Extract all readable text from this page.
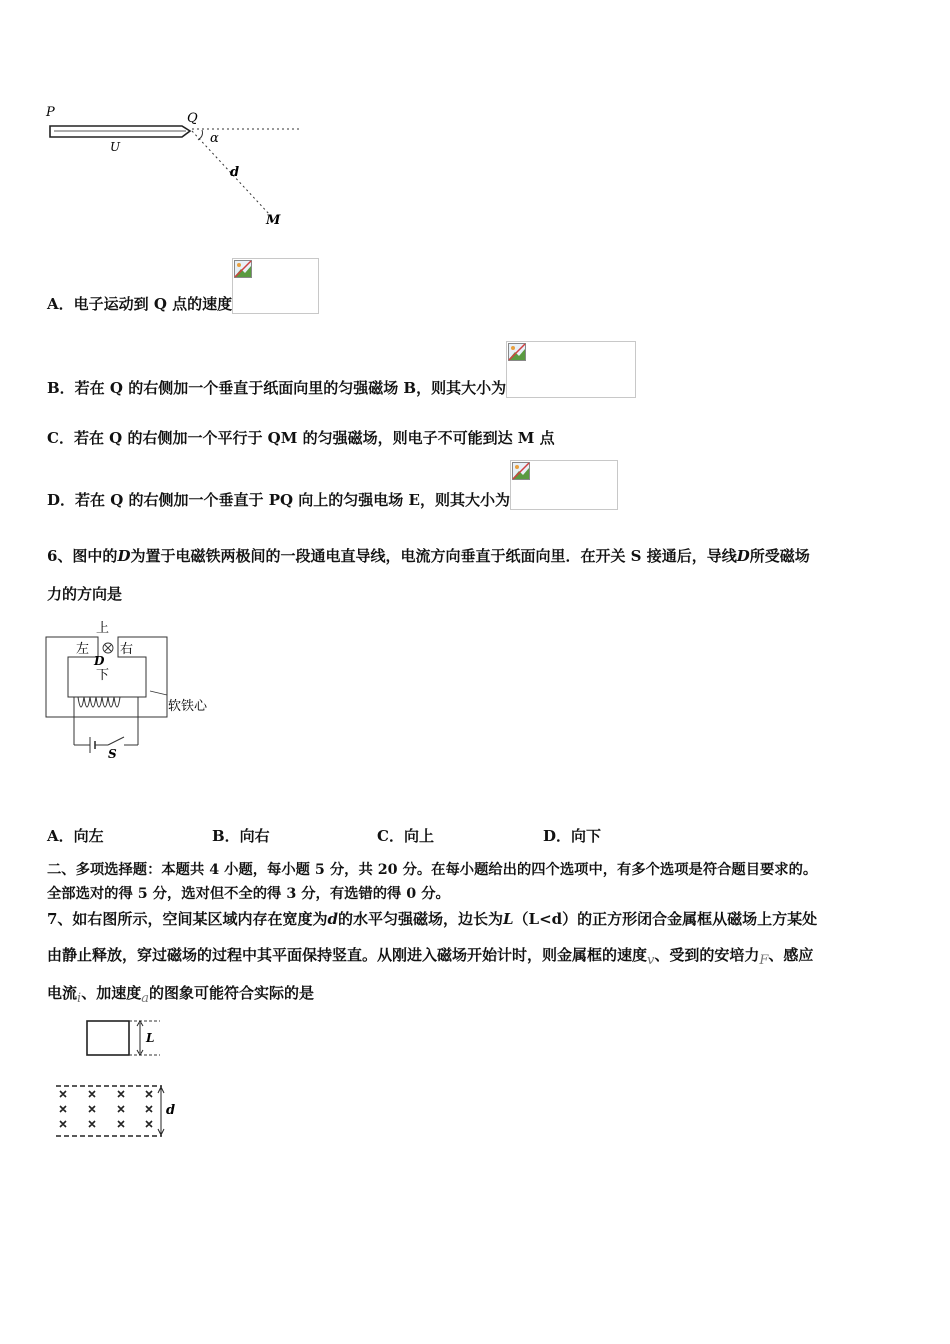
P	Q
U
α
d
M
A．电子运动到 Q 点的速度
B．若在 Q 的右侧加一个垂直于纸面向里的匀强磁场 B，则其大小为
C．若在 Q 的右侧加一个平行于 QM 的匀强磁场，则电子不可能到达 M 点
D．若在 Q 的右侧加一个垂直于 PQ 向上的匀强电场 E，则其大小为
6、图中的D为置于电磁铁两极间的一段通电直导线，电流方向垂直于纸面向里．在开关 S 接通后，导线D所受磁场
力的方向是
上
左 右
D
下
软铁心
S
A．向左	B．向右	C．向上	D．向下
二、多项选择题：本题共 4 小题，每小题 5 分，共 20 分。在每小题给出的四个选项中，有多个选项是符合题目要求的。
全部选对的得 5 分，选对但不全的得 3 分，有选错的得 0 分。
7、如右图所示，空间某区域内存在宽度为d的水平匀强磁场，边长为L（L<d）的正方形闭合金属框从磁场上方某处
由静止释放，穿过磁场的过程中其平面保持竖直。从刚进入磁场开始计时，则金属框的速度v、受到的安培力F、感应
电流i、加速度a的图象可能符合实际的是
L
d
